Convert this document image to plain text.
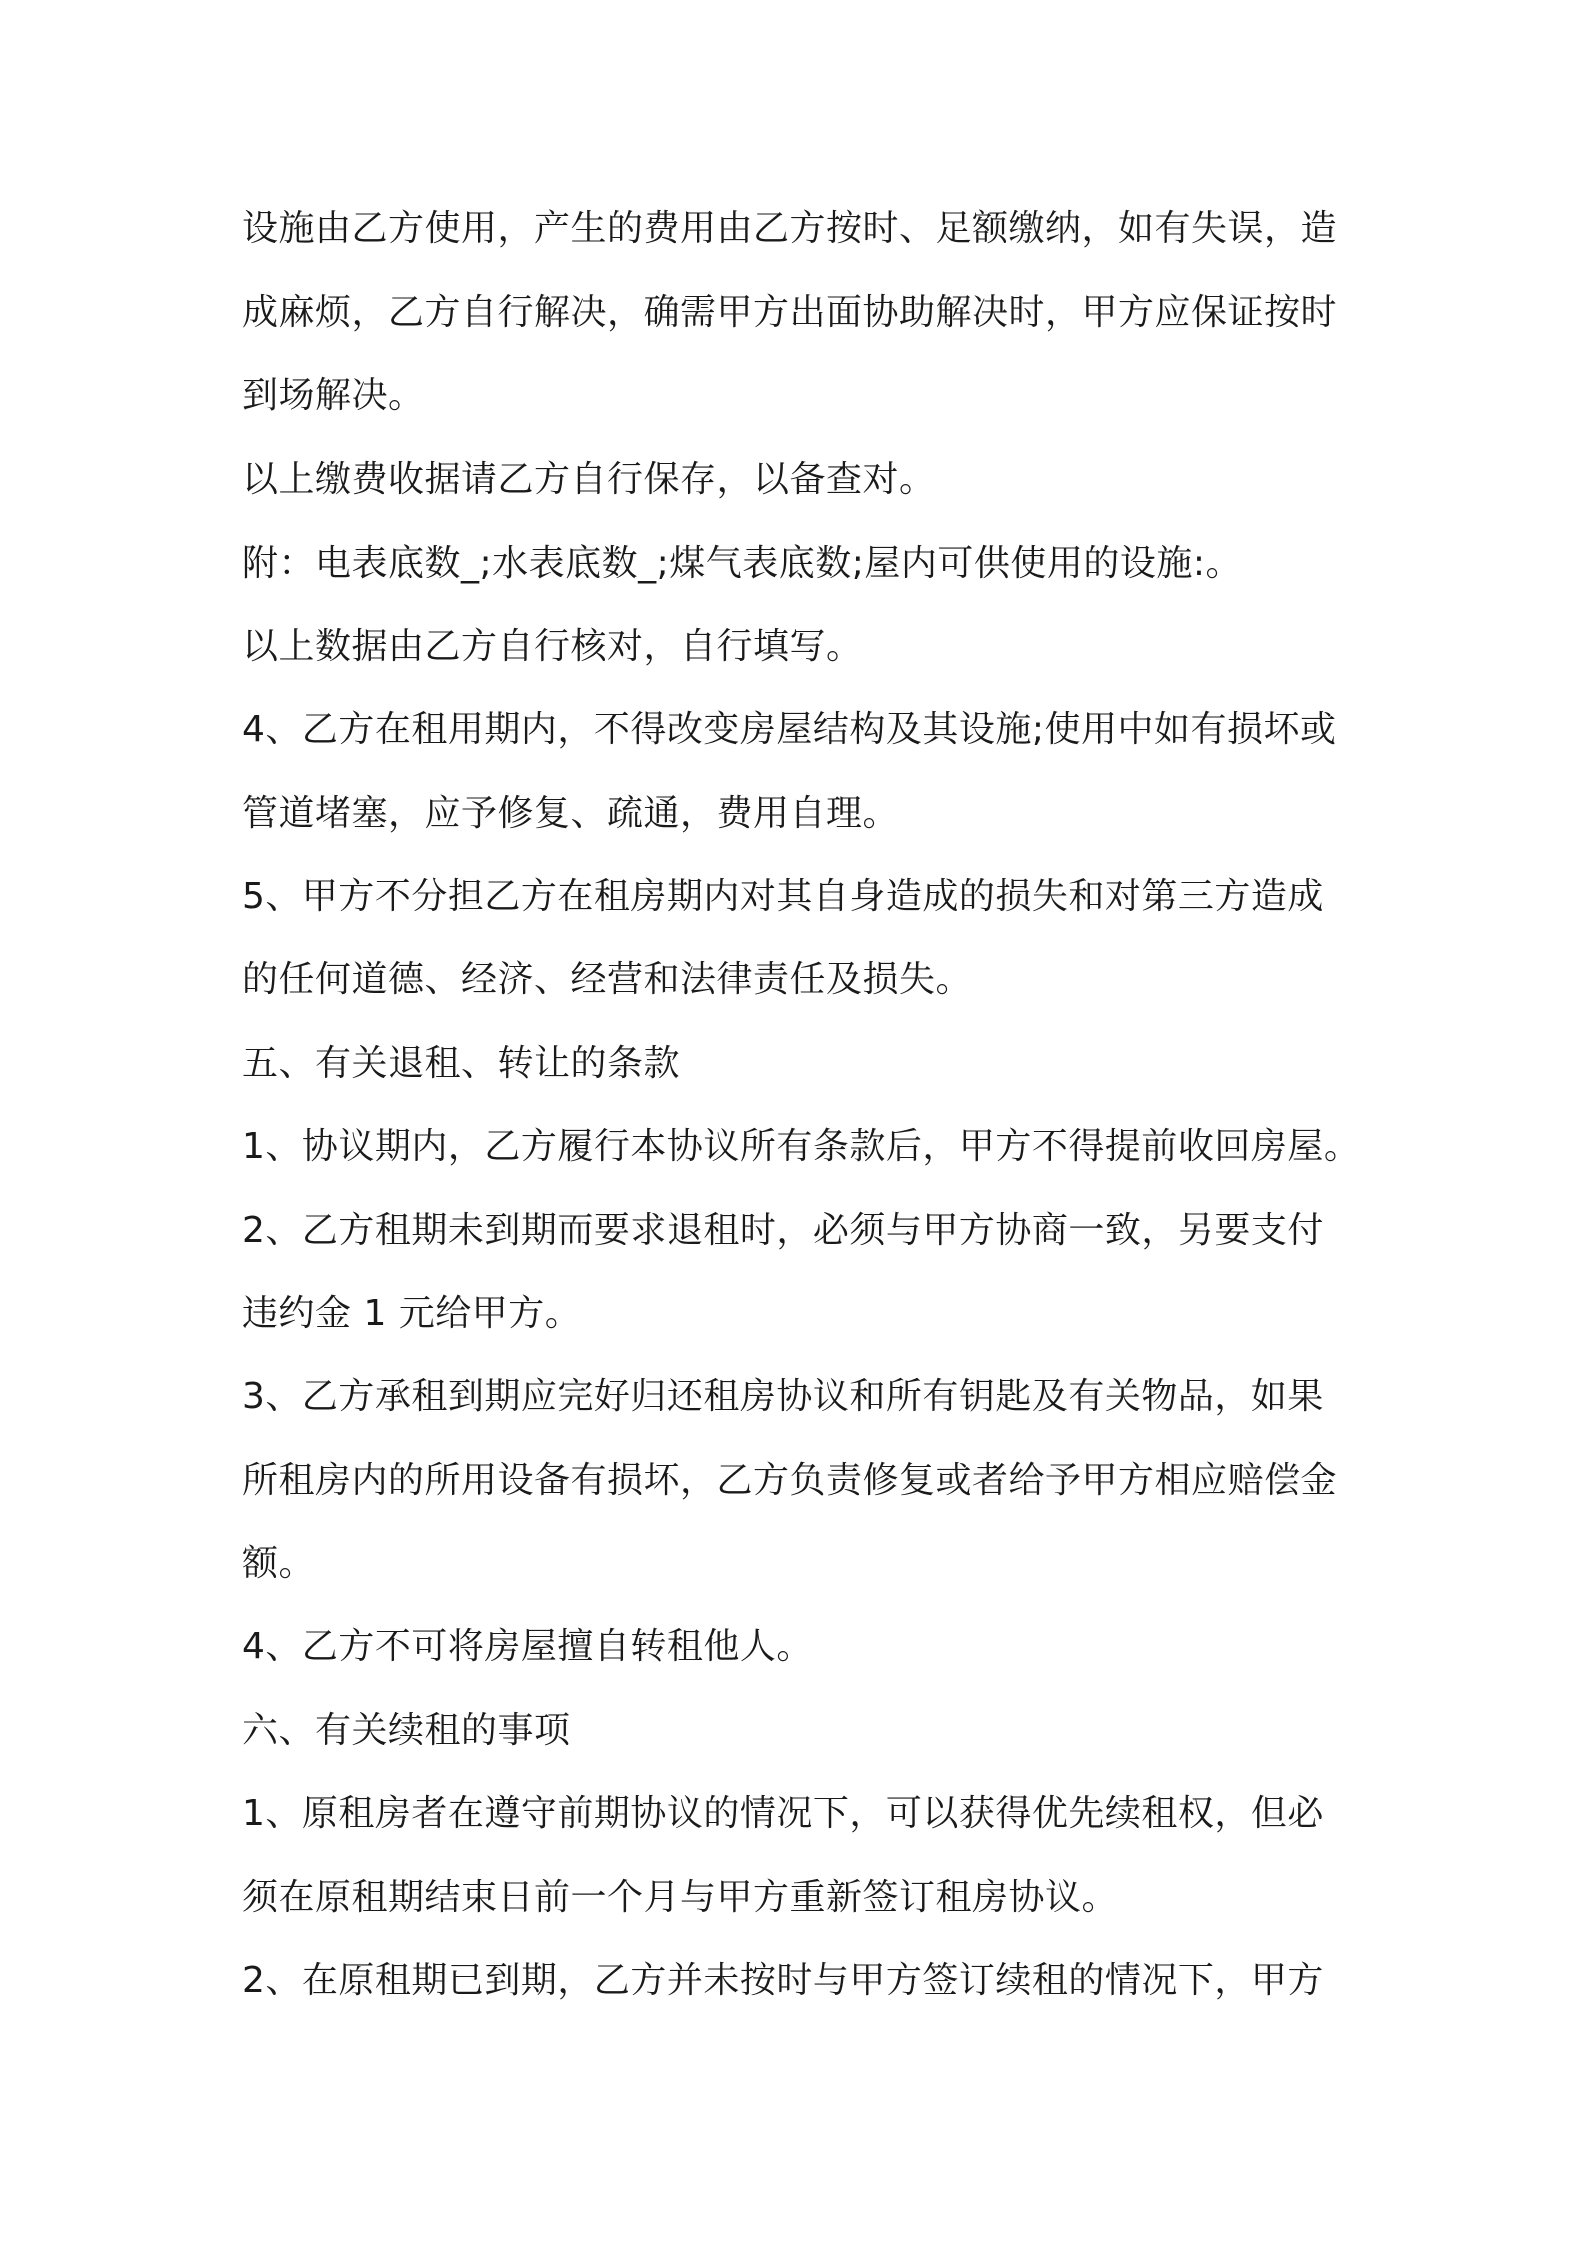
设施由乙方使用，产生的费用由乙方按时、足额缴纳，如有失误，造
成麻烦，乙方自行解决，确需甲方出面协助解决时，甲方应保证按时
到场解决。
以上缴费收据请乙方自行保存，以备查对。
附：电表底数_;水表底数_;煤气表底数;屋内可供使用的设施:。
以上数据由乙方自行核对，自行填写。
4、乙方在租用期内，不得改变房屋结构及其设施;使用中如有损坏或
管道堵塞，应予修复、疏通，费用自理。
5、甲方不分担乙方在租房期内对其自身造成的损失和对第三方造成
的任何道德、经济、经营和法律责任及损失。
五、有关退租、转让的条款
1、协议期内，乙方履行本协议所有条款后，甲方不得提前收回房屋。
2、乙方租期未到期而要求退租时，必须与甲方协商一致，另要支付
违约金 1 元给甲方。
3、乙方承租到期应完好归还租房协议和所有钥匙及有关物品，如果
所租房内的所用设备有损坏，乙方负责修复或者给予甲方相应赔偿金
额。
4、乙方不可将房屋擅自转租他人。
六、有关续租的事项
1、原租房者在遵守前期协议的情况下，可以获得优先续租权，但必
须在原租期结束日前一个月与甲方重新签订租房协议。
2、在原租期已到期，乙方并未按时与甲方签订续租的情况下，甲方
